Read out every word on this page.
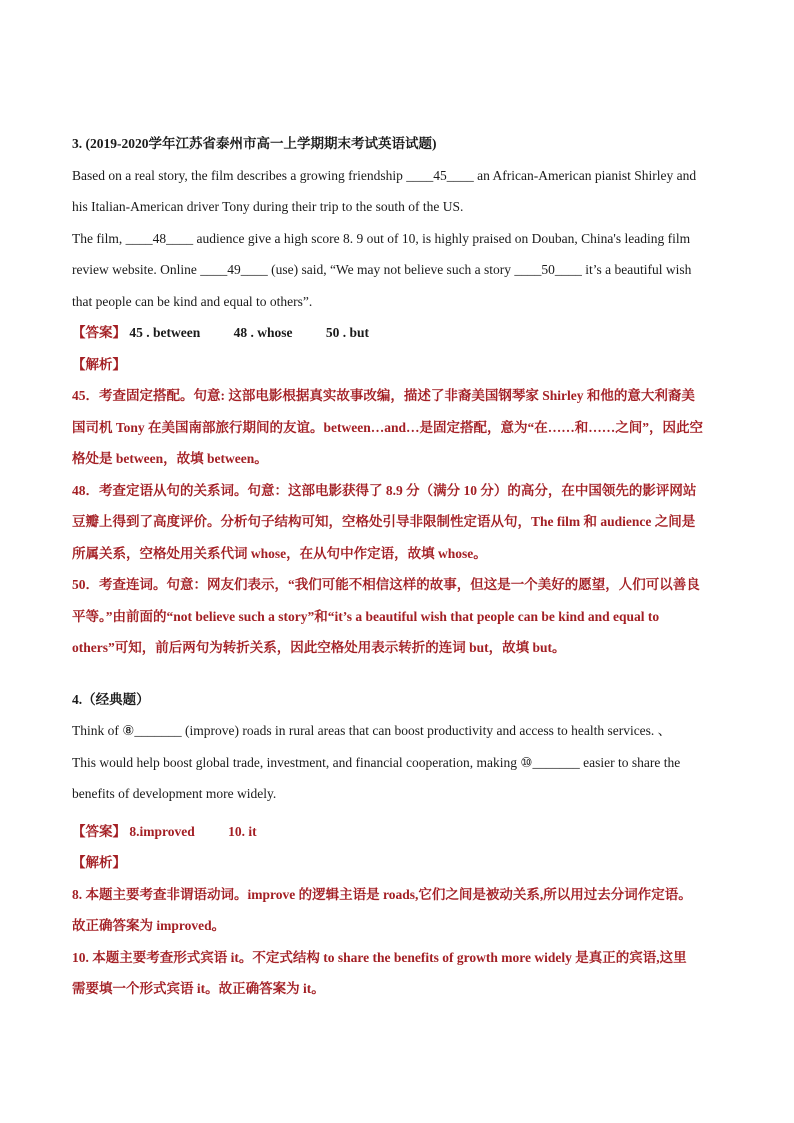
3. (2019-2020学年江苏省泰州市高一上学期期末考试英语试题)
Based on a real story, the film describes a growing friendship ____45____ an African-American pianist Shirley and
his Italian-American driver Tony during their trip to the south of the US.
The film, ____48____ audience give a high score 8. 9 out of 10, is highly praised on Douban, China's leading film
review website. Online ____49____ (use) said, “We may not believe such a story ____50____ it’s a beautiful wish
that people can be kind and equal to others”.
【答案】 45 . between 48 . whose 50 . but
【解析】
45．考查固定搭配。句意: 这部电影根据真实故事改编，描述了非裔美国钢琴家 Shirley 和他的意大利裔美
国司机 Tony 在美国南部旅行期间的友谊。between…and…是固定搭配，意为“在……和……之间”，因此空
格处是 between，故填 between。
48．考查定语从句的关系词。句意：这部电影获得了 8.9 分（满分 10 分）的高分，在中国领先的影评网站
豆瓣上得到了高度评价。分析句子结构可知，空格处引导非限制性定语从句，The film 和 audience 之间是
所属关系，空格处用关系代词 whose，在从句中作定语，故填 whose。
50．考查连词。句意：网友们表示，“我们可能不相信这样的故事，但这是一个美好的愿望，人们可以善良
平等。”由前面的“not believe such a story”和“it’s a beautiful wish that people can be kind and equal to
others”可知，前后两句为转折关系，因此空格处用表示转折的连词 but，故填 but。
4.（经典题）
Think of ⑧_______ (improve) roads in rural areas that can boost productivity and access to health services. 、
This would help boost global trade, investment, and financial cooperation, making ⑩_______ easier to share the
benefits of development more widely.
【答案】 8.improved 10. it
【解析】
8. 本题主要考查非谓语动词。improve 的逻辑主语是 roads,它们之间是被动关系,所以用过去分词作定语。
故正确答案为 improved。
10. 本题主要考查形式宾语 it。不定式结构 to share the benefits of growth more widely 是真正的宾语,这里
需要填一个形式宾语 it。故正确答案为 it。
